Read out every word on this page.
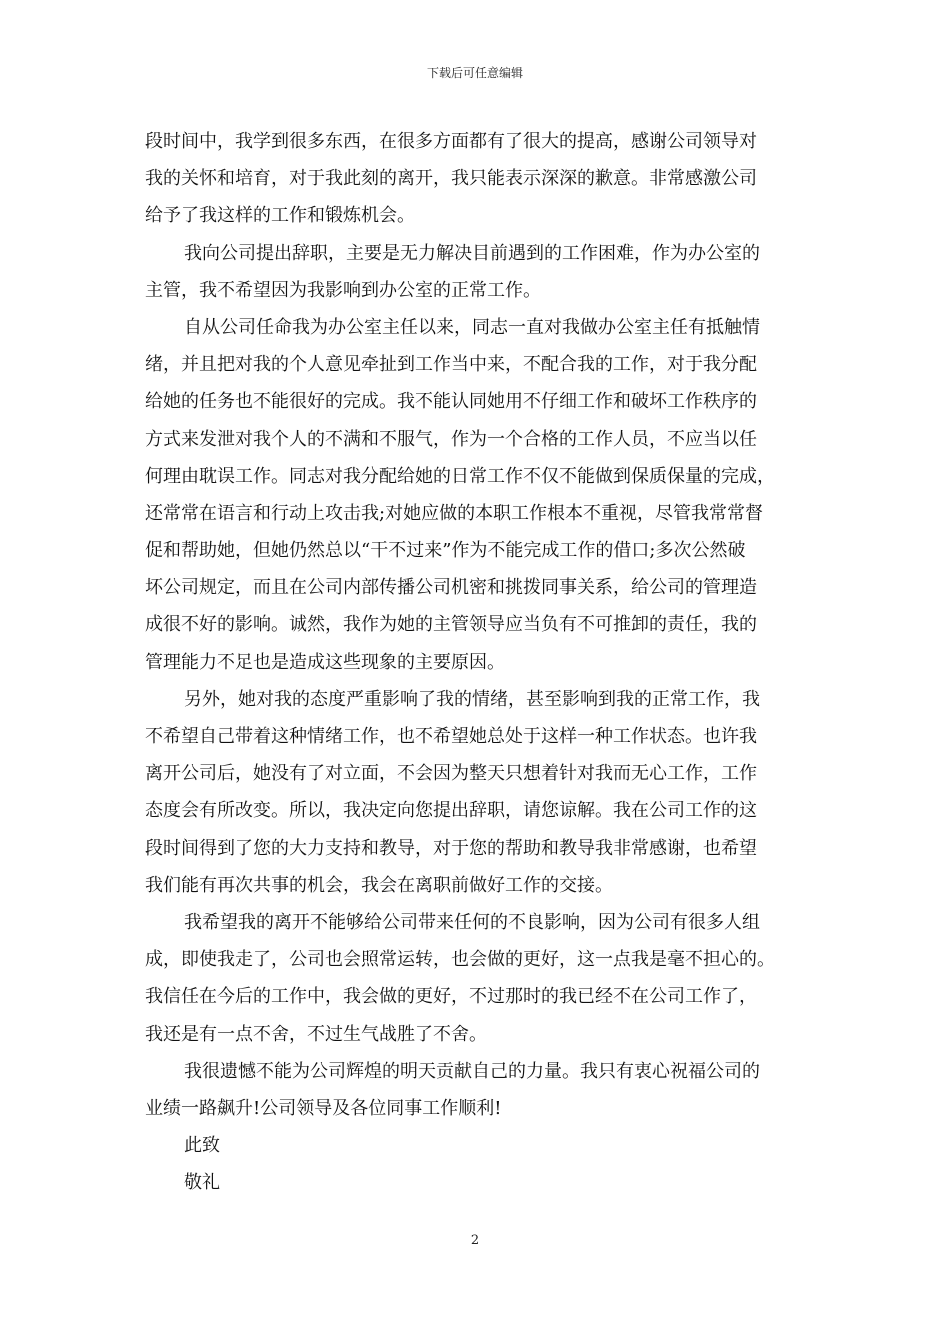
下载后可任意编辑
段时间中，我学到很多东西，在很多方面都有了很大的提高，感谢公司领导对
我的关怀和培育，对于我此刻的离开，我只能表示深深的歉意。非常感激公司
给予了我这样的工作和锻炼机会。
我向公司提出辞职，主要是无力解决目前遇到的工作困难，作为办公室的
主管，我不希望因为我影响到办公室的正常工作。
自从公司任命我为办公室主任以来，同志一直对我做办公室主任有抵触情
绪，并且把对我的个人意见牵扯到工作当中来，不配合我的工作，对于我分配
给她的任务也不能很好的完成。我不能认同她用不仔细工作和破坏工作秩序的
方式来发泄对我个人的不满和不服气，作为一个合格的工作人员，不应当以任
何理由耽误工作。同志对我分配给她的日常工作不仅不能做到保质保量的完成，
还常常在语言和行动上攻击我;对她应做的本职工作根本不重视，尽管我常常督
促和帮助她，但她仍然总以“干不过来”作为不能完成工作的借口;多次公然破
坏公司规定，而且在公司内部传播公司机密和挑拨同事关系，给公司的管理造
成很不好的影响。诚然，我作为她的主管领导应当负有不可推卸的责任，我的
管理能力不足也是造成这些现象的主要原因。
另外，她对我的态度严重影响了我的情绪，甚至影响到我的正常工作，我
不希望自己带着这种情绪工作，也不希望她总处于这样一种工作状态。也许我
离开公司后，她没有了对立面，不会因为整天只想着针对我而无心工作，工作
态度会有所改变。所以，我决定向您提出辞职，请您谅解。我在公司工作的这
段时间得到了您的大力支持和教导，对于您的帮助和教导我非常感谢，也希望
我们能有再次共事的机会，我会在离职前做好工作的交接。
我希望我的离开不能够给公司带来任何的不良影响，因为公司有很多人组
成，即使我走了，公司也会照常运转，也会做的更好，这一点我是毫不担心的。
我信任在今后的工作中，我会做的更好，不过那时的我已经不在公司工作了，
我还是有一点不舍，不过生气战胜了不舍。
我很遗憾不能为公司辉煌的明天贡献自己的力量。我只有衷心祝福公司的
业绩一路飙升!公司领导及各位同事工作顺利!
此致
敬礼
2
